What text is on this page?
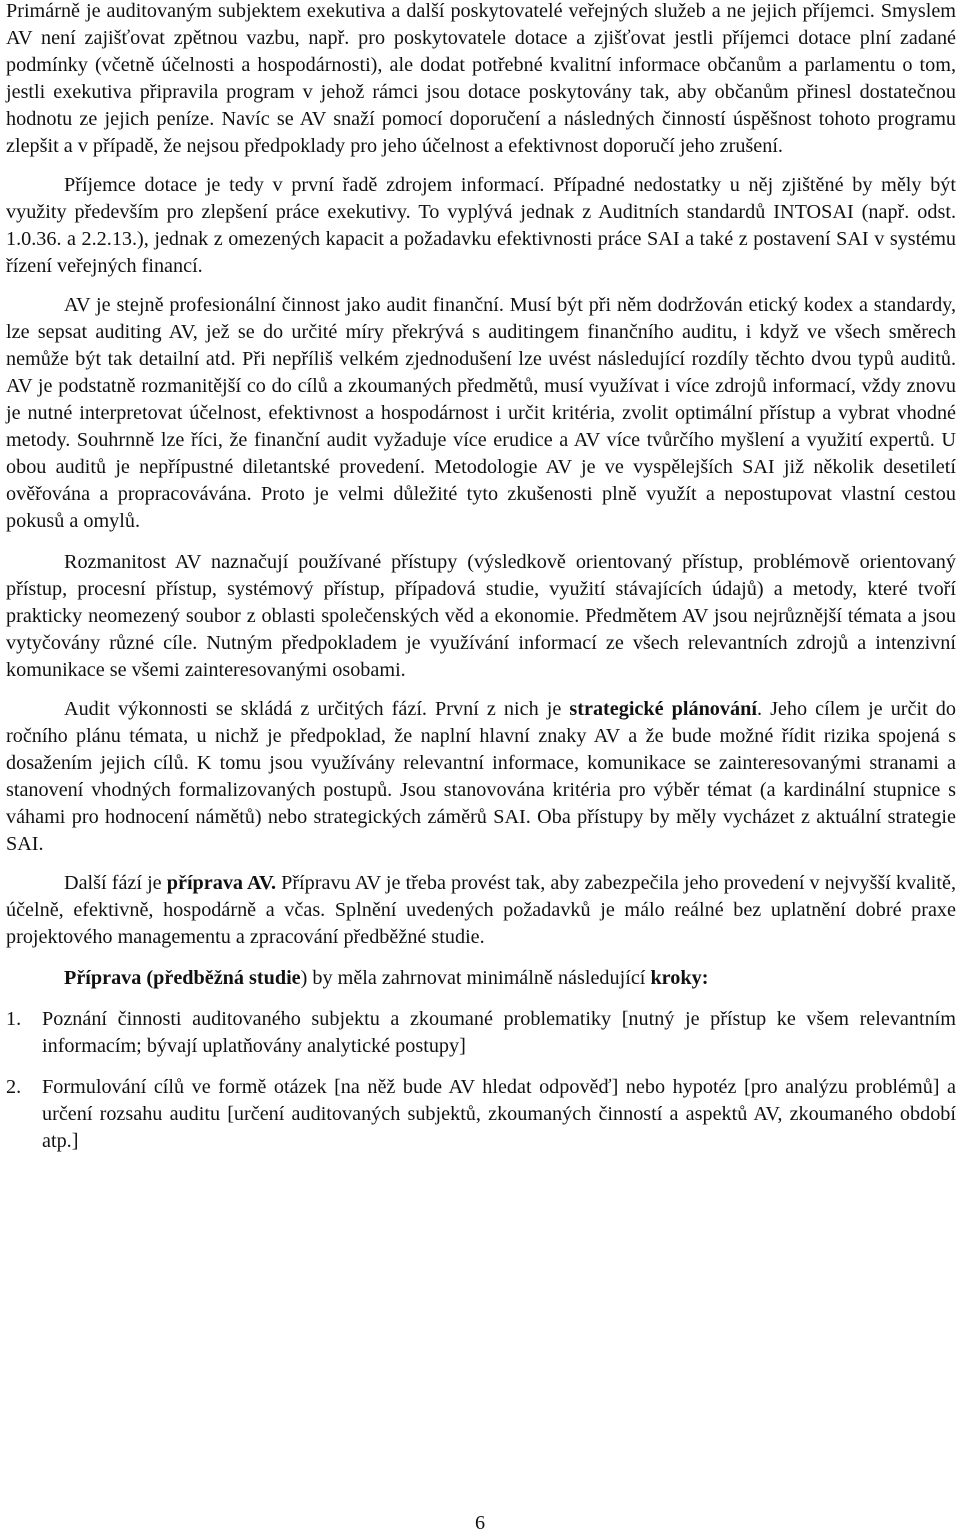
Primárně je auditovaným subjektem exekutiva a další poskytovatelé veřejných služeb a ne jejich příjemci. Smyslem AV není zajišťovat zpětnou vazbu, např. pro poskytovatele dotace a zjišťovat jestli příjemci dotace plní zadané podmínky (včetně účelnosti a hospodárnosti), ale dodat potřebné kvalitní informace občanům a parlamentu o tom, jestli exekutiva připravila program v jehož rámci jsou dotace poskytovány tak, aby občanům přinesl dostatečnou hodnotu ze jejich peníze. Navíc se AV snaží pomocí doporučení a následných činností úspěšnost tohoto programu zlepšit a v případě, že nejsou předpoklady pro jeho účelnost a efektivnost doporučí jeho zrušení.

Příjemce dotace je tedy v první řadě zdrojem informací. Případné nedostatky u něj zjištěné by měly být využity především pro zlepšení práce exekutivy. To vyplývá jednak z Auditních standardů INTOSAI (např. odst. 1.0.36. a 2.2.13.), jednak z omezených kapacit a požadavku efektivnosti práce SAI a také z postavení SAI v systému řízení veřejných financí.

AV je stejně profesionální činnost jako audit finanční. Musí být při něm dodržován etický kodex a standardy, lze sepsat auditing AV, jež se do určité míry překrývá s auditingem finančního auditu, i když ve všech směrech nemůže být tak detailní atd. Při nepříliš velkém zjednodušení lze uvést následující rozdíly těchto dvou typů auditů. AV je podstatně rozmanitější co do cílů a zkoumaných předmětů, musí využívat i více zdrojů informací, vždy znovu je nutné interpretovat účelnost, efektivnost a hospodárnost i určit kritéria, zvolit optimální přístup a vybrat vhodné metody. Souhrnně lze říci, že finanční audit vyžaduje více erudice a AV více tvůrčího myšlení a využití expertů. U obou auditů je nepřípustné diletantské provedení. Metodologie AV je ve vyspělejších SAI již několik desetiletí ověřována a propracovávána. Proto je velmi důležité tyto zkušenosti plně využít a nepostupovat vlastní cestou pokusů a omylů.

Rozmanitost AV naznačují používané přístupy (výsledkově orientovaný přístup, problémově orientovaný přístup, procesní přístup, systémový přístup, případová studie, využití stávajících údajů) a metody, které tvoří prakticky neomezený soubor z oblasti společenských věd a ekonomie. Předmětem AV jsou nejrůznější témata a jsou vytyčovány různé cíle. Nutným předpokladem je využívání informací ze všech relevantních zdrojů a intenzivní komunikace se všemi zainteresovanými osobami.

Audit výkonnosti se skládá z určitých fází. První z nich je strategické plánování. Jeho cílem je určit do ročního plánu témata, u nichž je předpoklad, že naplní hlavní znaky AV a že bude možné řídit rizika spojená s dosažením jejich cílů. K tomu jsou využívány relevantní informace, komunikace se zainteresovanými stranami a stanovení vhodných formalizovaných postupů. Jsou stanovována kritéria pro výběr témat (a kardinální stupnice s váhami pro hodnocení námětů) nebo strategických záměrů SAI. Oba přístupy by měly vycházet z aktuální strategie SAI.

Další fází je příprava AV. Přípravu AV je třeba provést tak, aby zabezpečila jeho provedení v nejvyšší kvalitě, účelně, efektivně, hospodárně a včas. Splnění uvedených požadavků je málo reálné bez uplatnění dobré praxe projektového managementu a zpracování předběžné studie.

Příprava (předběžná studie) by měla zahrnovat minimálně následující kroky:

1. Poznání činnosti auditovaného subjektu a zkoumané problematiky [nutný je přístup ke všem relevantním informacím; bývají uplatňovány analytické postupy]
2. Formulování cílů ve formě otázek [na něž bude AV hledat odpověď] nebo hypotéz [pro analýzu problémů] a určení rozsahu auditu [určení auditovaných subjektů, zkoumaných činností a aspektů AV, zkoumaného období atp.]
6
